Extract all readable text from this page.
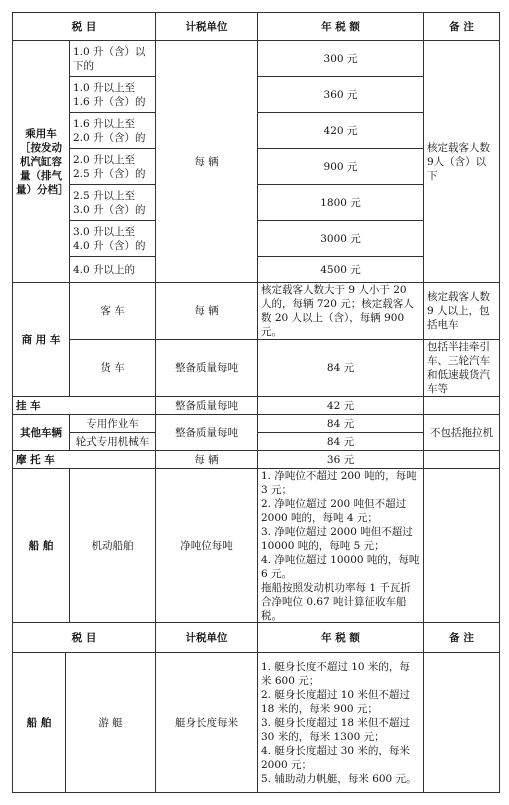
税 目		计税单位	年 税 额	备 注
乘用车［按发动机汽缸容量（排气量）分档］	1.0 升（含）以下的	每 辆	300 元	核定载客人数9人（含）以下
	1.0 升以上至 1.6 升（含）的		360 元	
	1.6 升以上至 2.0 升（含）的		420 元	
	2.0 升以上至 2.5 升（含）的		900 元	
	2.5 升以上至 3.0 升（含）的		1800 元	
	3.0 升以上至 4.0 升（含）的		3000 元	
	4.0 升以上的		4500 元	
商 用 车	客 车	每 辆	核定载客人数大于 9 人小于 20 人的，每辆 720 元；核定载客人数 20 人以上（含），每辆 900 元。	核定载客人数 9 人以上，包括电车
	货 车	整备质量每吨	84 元	包括半挂牵引车、三轮汽车和低速载货汽车等
挂 车		整备质量每吨	42 元	
其他车辆	专用作业车	整备质量每吨	84 元	不包括拖拉机
	轮式专用机械车		84 元	
摩 托 车		每 辆	36 元	
船 舶	机动船舶	净吨位每吨	1. 净吨位不超过 200 吨的，每吨 3 元；
2. 净吨位超过 200 吨但不超过 2000 吨的，每吨 4 元；
3. 净吨位超过 2000 吨但不超过 10000 吨的，每吨 5 元；
4. 净吨位超过 10000 吨的，每吨 6 元。
拖船按照发动机功率每 1 千瓦折合净吨位 0.67 吨计算征收车船税。	

税 目		计税单位	年 税 额	备 注
船 舶	游 艇	艇身长度每米	1. 艇身长度不超过 10 米的，每米 600 元；
2. 艇身长度超过 10 米但不超过 18 米的，每米 900 元；
3. 艇身长度超过 18 米但不超过 30 米的，每米 1300 元；
4. 艇身长度超过 30 米的，每米 2000 元；
5. 辅助动力帆艇，每米 600 元。	
